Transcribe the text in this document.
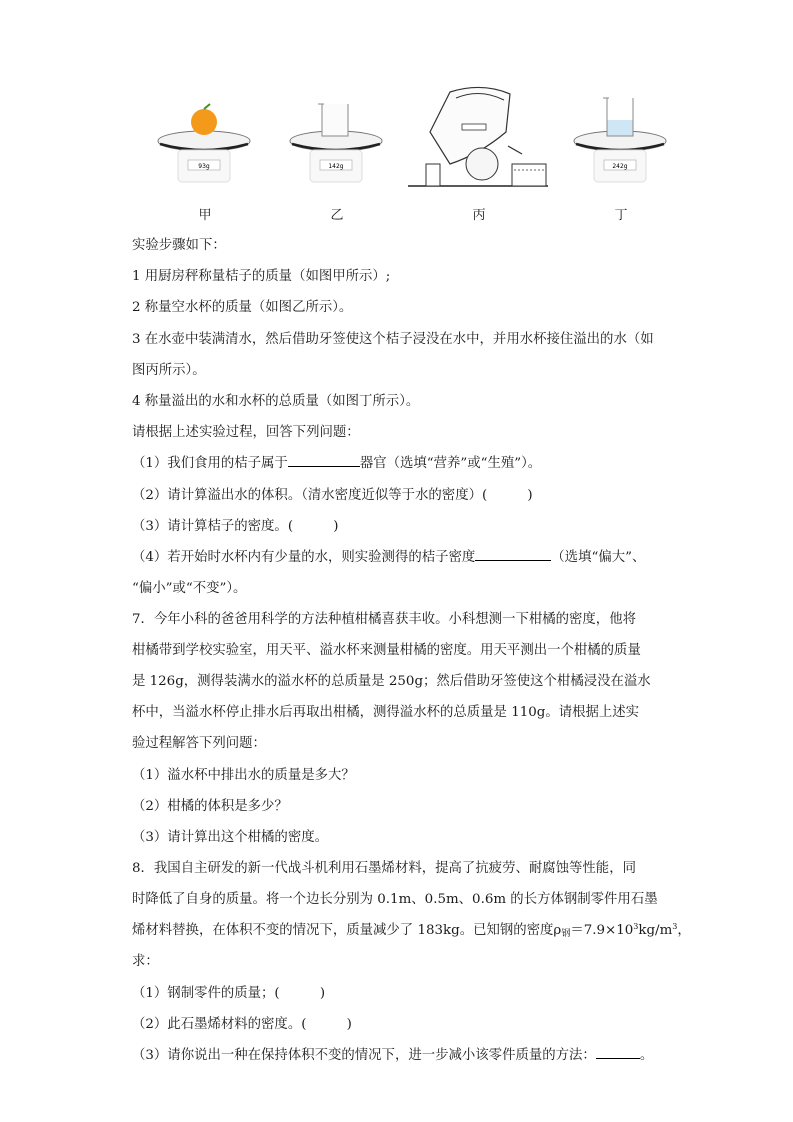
93g	142g	242g
甲	乙	丙	丁
实验步骤如下：
1 用厨房秤称量桔子的质量（如图甲所示）;
2 称量空水杯的质量（如图乙所示）。
3 在水壶中装满清水，然后借助牙签使这个桔子浸没在水中，并用水杯接住溢出的水（如
图丙所示）。
4 称量溢出的水和水杯的总质量（如图丁所示）。
请根据上述实验过程，回答下列问题：
（1）我们食用的桔子属于	器官（选填“营养”或“生殖”）。
（2）请计算溢出水的体积。（清水密度近似等于水的密度）(　　　)
（3）请计算桔子的密度。(　　　)
（4）若开始时水杯内有少量的水，则实验测得的桔子密度	（选填“偏大”、
“偏小”或“不变”）。
7．今年小科的爸爸用科学的方法种植柑橘喜获丰收。小科想测一下柑橘的密度，他将
柑橘带到学校实验室，用天平、溢水杯来测量柑橘的密度。用天平测出一个柑橘的质量
是 126g，测得装满水的溢水杯的总质量是 250g；然后借助牙签使这个柑橘浸没在溢水
杯中，当溢水杯停止排水后再取出柑橘，测得溢水杯的总质量是 110g。请根据上述实
验过程解答下列问题：
（1）溢水杯中排出水的质量是多大？
（2）柑橘的体积是多少？
（3）请计算出这个柑橘的密度。
8．我国自主研发的新一代战斗机利用石墨烯材料，提高了抗疲劳、耐腐蚀等性能，同
时降低了自身的质量。将一个边长分别为 0.1m、0.5m、0.6m 的长方体钢制零件用石墨
烯材料替换，在体积不变的情况下，质量减少了 183kg。已知钢的密度$\rho_钢=7.9\times 10^3kg/m^3$，
求：
（1）钢制零件的质量；(　　　)
（2）此石墨烯材料的密度。(　　　)
（3）请你说出一种在保持体积不变的情况下，进一步减小该零件质量的方法：	。
